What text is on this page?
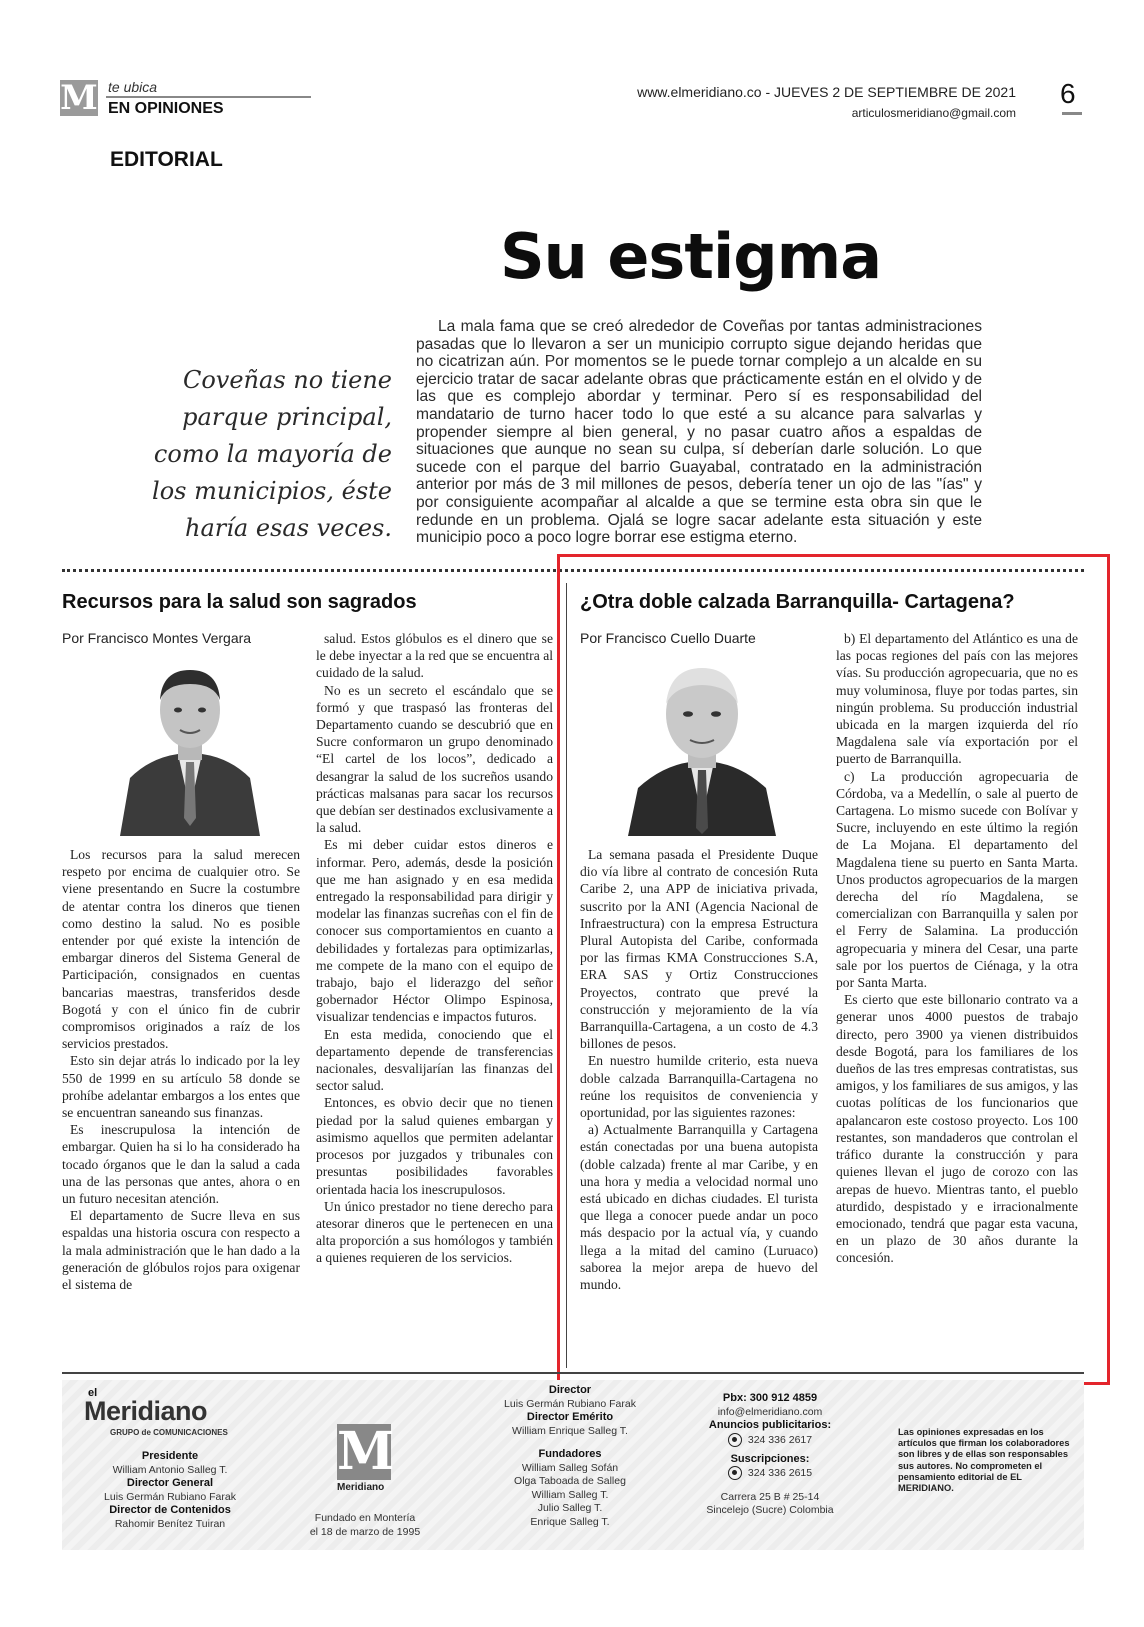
M te ubica
EN OPINIONES
www.elmeridiano.co - JUEVES 2 DE SEPTIEMBRE DE 2021
articulosmeridiano@gmail.com
6
EDITORIAL
Su estigma
Coveñas no tiene parque principal, como la mayoría de los municipios, éste haría esas veces.
La mala fama que se creó alrededor de Coveñas por tantas administraciones pasadas que lo llevaron a ser un municipio corrupto sigue dejando heridas que no cicatrizan aún. Por momentos se le puede tornar complejo a un alcalde en su ejercicio tratar de sacar adelante obras que prácticamente están en el olvido y de las que es complejo abordar y terminar. Pero sí es responsabilidad del mandatario de turno hacer todo lo que esté a su alcance para salvarlas y propender siempre al bien general, y no pasar cuatro años a espaldas de situaciones que aunque no sean su culpa, sí deberían darle solución. Lo que sucede con el parque del barrio Guayabal, contratado en la administración anterior por más de 3 mil millones de pesos, debería tener un ojo de las "ías" y por consiguiente acompañar al alcalde a que se termine esta obra sin que le redunde en un problema. Ojalá se logre sacar adelante esta situación y este municipio poco a poco logre borrar ese estigma eterno.
Recursos para la salud son sagrados
Por Francisco Montes Vergara

Los recursos para la salud merecen respeto por encima de cualquier otro. Se viene presentando en Sucre la costumbre de atentar contra los dineros que tienen como destino la salud. No es posible entender por qué existe la intención de embargar dineros del Sistema General de Participación, consignados en cuentas bancarias maestras, transferidos desde Bogotá y con el único fin de cubrir compromisos originados a raíz de los servicios prestados.

Esto sin dejar atrás lo indicado por la ley 550 de 1999 en su artículo 58 donde se prohíbe adelantar embargos a los entes que se encuentran saneando sus finanzas.

Es inescrupulosa la intención de embargar. Quien ha si lo ha considerado ha tocado órganos que le dan la salud a cada una de las personas que antes, ahora o en un futuro necesitan atención.

El departamento de Sucre lleva en sus espaldas una historia oscura con respecto a la mala administración que le han dado a la generación de glóbulos rojos para oxigenar el sistema de

salud. Estos glóbulos es el dinero que se le debe inyectar a la red que se encuentra al cuidado de la salud.

No es un secreto el escándalo que se formó y que traspasó las fronteras del Departamento cuando se descubrió que en Sucre conformaron un grupo denominado “El cartel de los locos”, dedicado a desangrar la salud de los sucreños usando prácticas malsanas para sacar los recursos que debían ser destinados exclusivamente a la salud.

Es mi deber cuidar estos dineros e informar. Pero, además, desde la posición que me han asignado y en esa medida entregado la responsabilidad para dirigir y modelar las finanzas sucreñas con el fin de conocer sus comportamientos en cuanto a debilidades y fortalezas para optimizarlas, me compete de la mano con el equipo de trabajo, bajo el liderazgo del señor gobernador Héctor Olimpo Espinosa, visualizar tendencias e impactos futuros.

En esta medida, conociendo que el departamento depende de transferencias nacionales, desvalijarían las finanzas del sector salud.

Entonces, es obvio decir que no tienen piedad por la salud quienes embargan y asimismo aquellos que permiten adelantar procesos por juzgados y tribunales con presuntas posibilidades favorables orientada hacia los inescrupulosos.

Un único prestador no tiene derecho para atesorar dineros que le pertenecen en una alta proporción a sus homólogos y también a quienes requieren de los servicios.

¿Otra doble calzada Barranquilla- Cartagena?
Por Francisco Cuello Duarte

La semana pasada el Presidente Duque dio vía libre al contrato de concesión Ruta Caribe 2, una APP de iniciativa privada, suscrito por la ANI (Agencia Nacional de Infraestructura) con la empresa Estructura Plural Autopista del Caribe, conformada por las firmas KMA Construcciones S.A, ERA SAS y Ortiz Construcciones Proyectos, contrato que prevé la construcción y mejoramiento de la vía Barranquilla-Cartagena, a un costo de 4.3 billones de pesos.

En nuestro humilde criterio, esta nueva doble calzada Barranquilla-Cartagena no reúne los requisitos de conveniencia y oportunidad, por las siguientes razones:

a) Actualmente Barranquilla y Cartagena están conectadas por una buena autopista (doble calzada) frente al mar Caribe, y en una hora y media a velocidad normal uno está ubicado en dichas ciudades. El turista que llega a conocer puede andar un poco más despacio por la actual vía, y cuando llega a la mitad del camino (Luruaco) saborea la mejor arepa de huevo del mundo.

b) El departamento del Atlántico es una de las pocas regiones del país con las mejores vías. Su producción agropecuaria, que no es muy voluminosa, fluye por todas partes, sin ningún problema. Su producción industrial ubicada en la margen izquierda del río Magdalena sale vía exportación por el puerto de Barranquilla.

c) La producción agropecuaria de Córdoba, va a Medellín, o sale al puerto de Cartagena. Lo mismo sucede con Bolívar y Sucre, incluyendo en este último la región de La Mojana. El departamento del Magdalena tiene su puerto en Santa Marta. Unos productos agropecuarios de la margen derecha del río Magdalena, se comercializan con Barranquilla y salen por el Ferry de Salamina. La producción agropecuaria y minera del Cesar, una parte sale por los puertos de Ciénaga, y la otra por Santa Marta.

Es cierto que este billonario contrato va a generar unos 4000 puestos de trabajo directo, pero 3900 ya vienen distribuidos desde Bogotá, para los familiares de los dueños de las tres empresas contratistas, sus amigos, y los familiares de sus amigos, y las cuotas políticas de los funcionarios que apalancaron este costoso proyecto. Los 100 restantes, son mandaderos que controlan el tráfico durante la construcción y para quienes llevan el jugo de corozo con las arepas de huevo. Mientras tanto, el pueblo aturdido, despistado y e irracionalmente emocionado, tendrá que pagar esta vacuna, en un plazo de 30 años durante la concesión.

el
Meridiano
GRUPO de COMUNICACIONES
Presidente
William Antonio Salleg T.
Director General
Luis Germán Rubiano Farak
Director de Contenidos
Rahomir Benítez Tuiran
M
Meridiano
Fundado en Montería
el 18 de marzo de 1995
Director
Luis Germán Rubiano Farak
Director Emérito
William Enrique Salleg T.
Fundadores
William Salleg Sofán
Olga Taboada de Salleg
William Salleg T.
Julio Salleg T.
Enrique Salleg T.
Pbx: 300 912 4859
info@elmeridiano.com
Anuncios publicitarios:
324 336 2617
Suscripciones:
324 336 2615
Carrera 25 B # 25-14
Sincelejo (Sucre) Colombia
Las opiniones expresadas en los artículos que firman los colaboradores son libres y de ellas son responsables sus autores. No comprometen el pensamiento editorial de EL MERIDIANO.
